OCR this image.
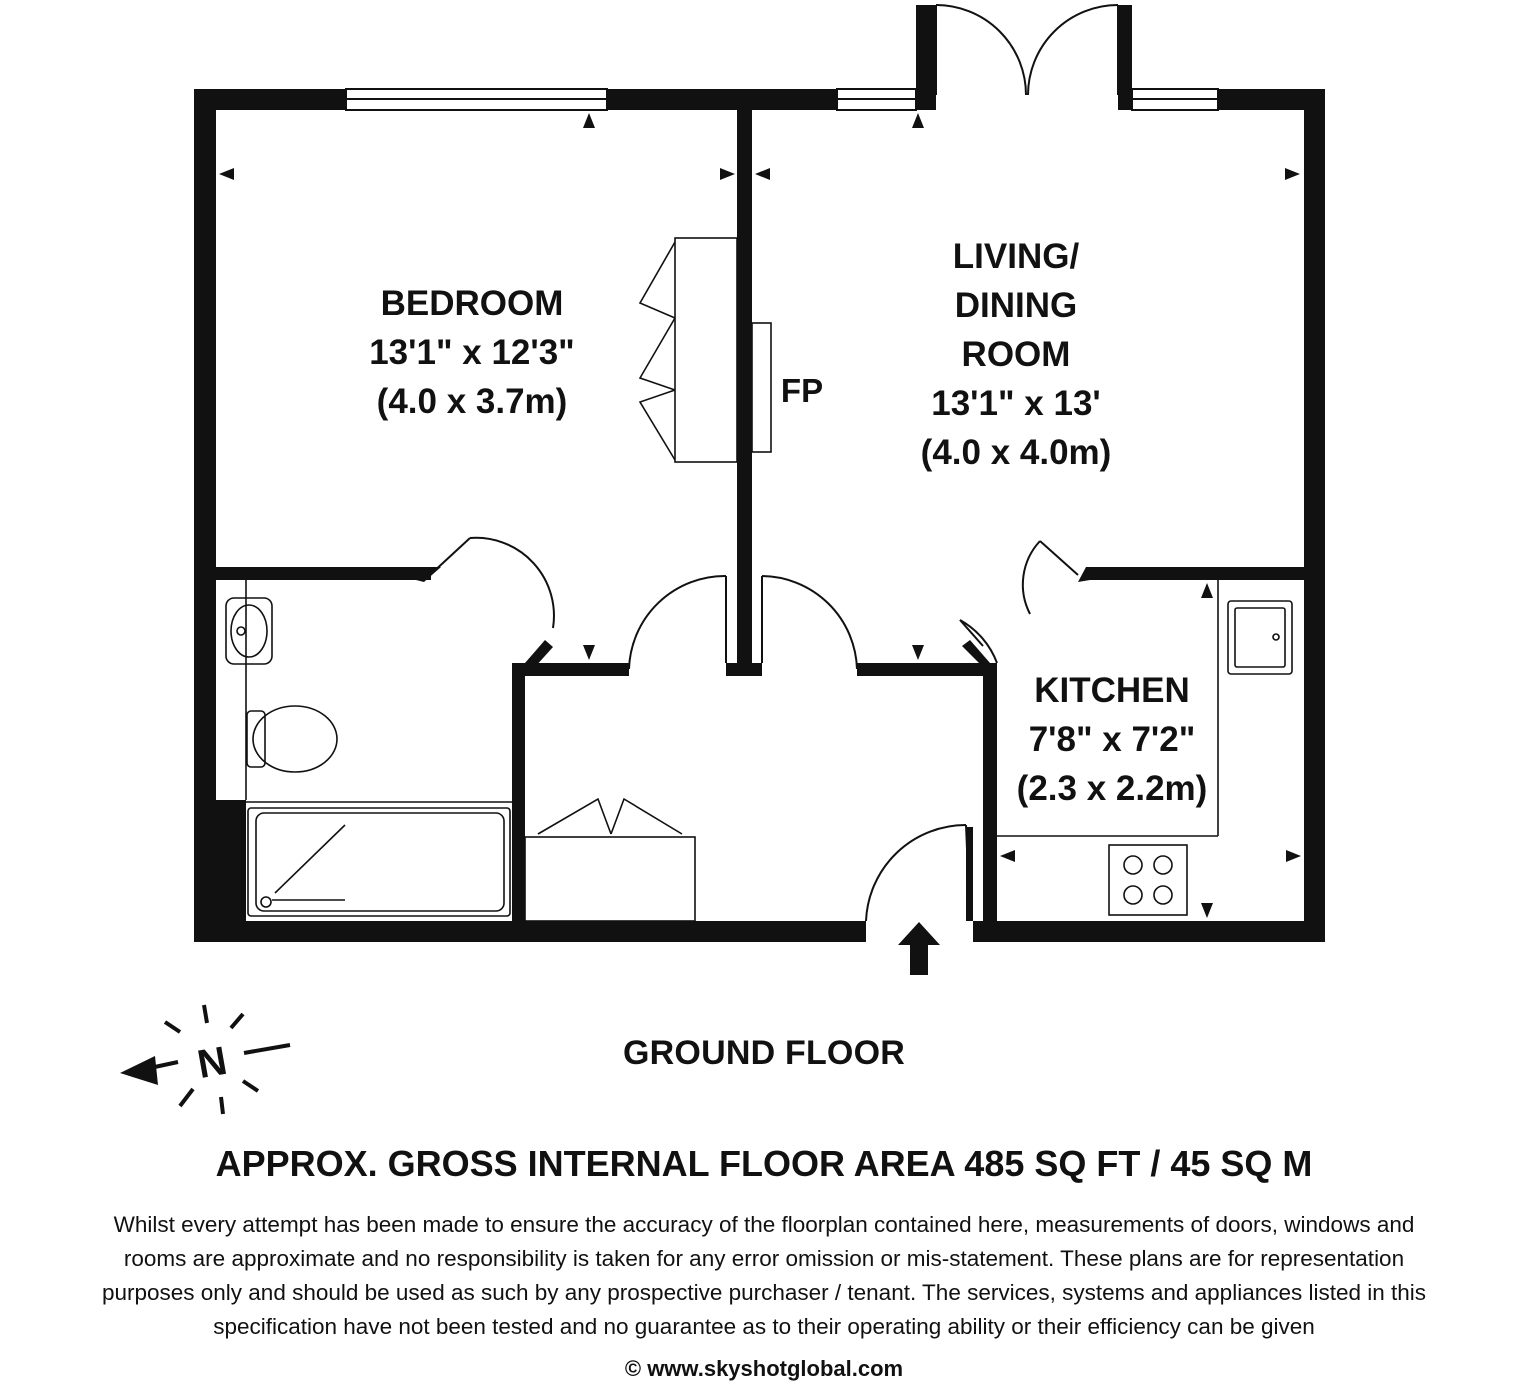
BEDROOM
13'1" x 12'3"
(4.0 x 3.7m)
LIVING/
DINING
ROOM
13'1" x 13'
(4.0 x 4.0m)
KITCHEN
7'8" x 7'2"
(2.3 x 2.2m)
FP
N	GROUND FLOOR
APPROX. GROSS INTERNAL FLOOR AREA 485 SQ FT / 45 SQ M
Whilst every attempt has been made to ensure the accuracy of the floorplan contained here, measurements of doors, windows and
rooms are approximate and no responsibility is taken for any error omission or mis-statement. These plans are for representation
purposes only and should be used as such by any prospective purchaser / tenant. The services, systems and appliances listed in this
specification have not been tested and no guarantee as to their operating ability or their efficiency can be given
© www.skyshotglobal.com
